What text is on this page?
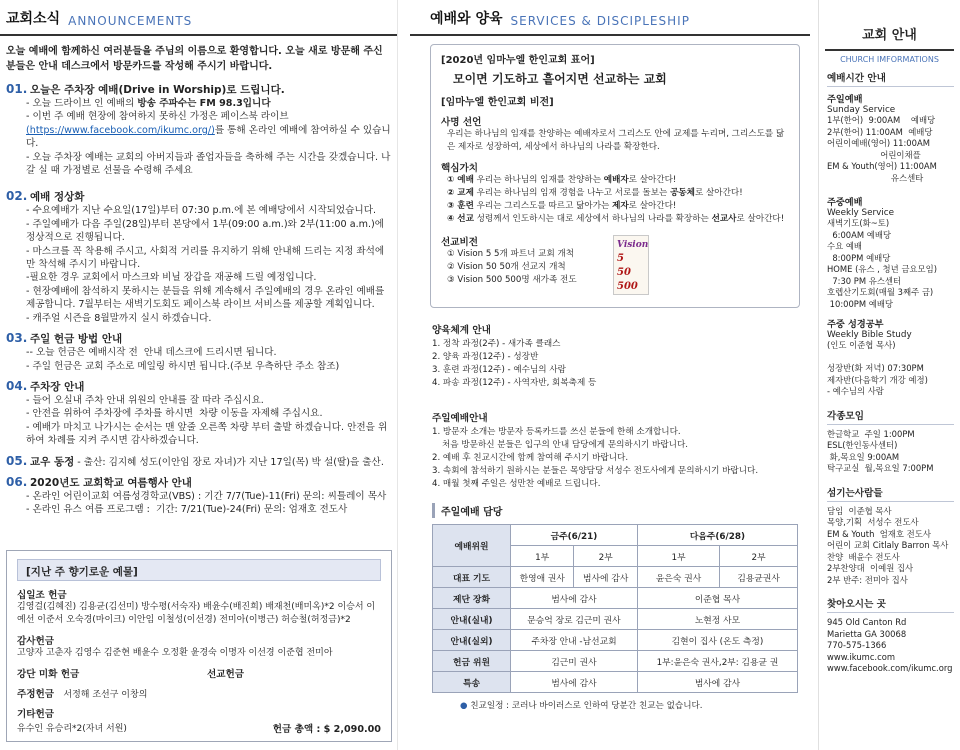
교회소식 ANNOUNCEMENTS
오늘 예배에 함께하신 여러분들을 주님의 이름으로 환영합니다. 오늘 새로 방문해 주신 분들은 안내 데스크에서 방문카드를 작성해 주시기 바랍니다.
01. 오늘은 주차장 예배(Drive in Worship)로 드립니다.
- 오늘 드라이브 인 예배의 방송 주파수는 FM 98.3입니다
- 이번 주 예배 현장에 참여하지 못하신 가정은 페이스북 라이브
(https://www.facebook.com/ikumc.org/)를 통해 온라인 예배에 참여하실 수 있습니다.
- 오늘 주차장 예배는 교회의 아버지들과 졸업자들을 축하해 주는 시간을 갖겠습니다. 나갈 실 때 가정별로 선물을 수령해 주세요
02. 예배 정상화
- 수요예배가 지난 수요일(17일)부터 07:30 p.m.에 본 예배당에서 시작되었습니다.
- 주일예배가 다음 주일(28일)부터 본당에서 1부(09:00 a.m.)와 2부(11:00 a.m.)에 정상적으로 진행됩니다.
- 마스크를 꼭 착용해 주시고, 사회적 거리를 유지하기 위해 안내해 드리는 지정 좌석에만 착석해 주시기 바랍니다.
-필요한 경우 교회에서 마스크와 비닐 장갑을 재공해 드릴 예정입니다.
- 현장예배에 참석하지 못하시는 분들을 위해 계속해서 주일예배의 경우 온라인 예배를 제공합니다. 7월부터는 새벽기도회도 페이스북 라이브 서비스를 제공할 계획입니다.
- 캐주얼 시즌을 8월말까지 실시 하겠습니다.
03. 주일 헌금 방법 안내
-- 오늘 헌금은 예배시작 전  안내 데스크에 드리시면 됩니다.
- 주일 헌금은 교회 주소로 메일링 하시면 됩니다.(주보 우측하단 주소 참조)
04. 주차장 안내
- 들어 오실내 주차 안내 위원의 안내를 잘 따라 주십시요.
- 안전을 위하여 주차장에 주차를 하시면  차량 이동을 자제해 주십시요.
- 예배가 마치고 나가시는 순서는 맨 앞줄 오른쪽 차량 부터 출발 하겠습니다. 안전을 위하여 차례를 지켜 주시면 감사하겠습니다.
05. 교우 동정 - 출산: 김지혜 성도(이안임 장로 자녀)가 지난 17일(목) 박 설(딸)을 출산.
06. 2020년도 교회학교 여름행사 안내
- 온라인 어린이교회 여름성경학교(VBS) : 기간 7/7(Tue)-11(Fri) 문의: 씨틀레이 목사
- 온라인 유스 여름 프로그램 :  기간: 7/21(Tue)-24(Fri) 문의: 엄재호 전도사
[지난 주 향기로운 예물]
십일조 헌금
김영걸(김혜진) 김용균(김선미) 방수평(서숙자) 배윤수(배진희) 배재천(배미옥)*2 이승서 이예선 이준서 오숙경(마이크) 이안임 이철성(이선경) 전미아(이병근) 허승철(허정금)*2
감사헌금
고양자 고춘자 김영수 김준현 배윤수 오정환 윤경숙 이명자 이선경 이준협 전미아
강단 미화 헌금	선교헌금
주정헌금 서정해 조선구 이창의
기타헌금
유수인 유승리*2(자녀 서원)	헌금 총액 : $ 2,090.00
예배와 양육 SERVICES & DISCIPLESHIP
[2020년 임마누엘 한인교회 표어]
모이면 기도하고 흩어지면 선교하는 교회
[임마누엘 한인교회 비전]
사명 선언
우리는 하나님의 임재를 찬양하는 예배자로서 그리스도 안에 교제를 누리며, 그리스도를 닮은 제자로 성장하여, 세상에서 하나님의 나라를 확장한다.
핵심가치
① 예배 우리는 하나님의 임재를 찬양하는 예배자로 살아간다!
② 교제 우리는 하나님의 임재 경험을 나누고 서로를 돌보는 공동체로 살아간다!
③ 훈련 우리는 그리스도를 따르고 닮아가는 제자로 살아간다!
④ 선교 성령께서 인도하시는 대로 세상에서 하나님의 나라를 확장하는 선교사로 살아간다!
선교비전
① Vision 5 5개 파트너 교회 개척
② Vision 50 50개 선교지 개척
③ Vision 500 500명 새가족 전도
Vision
5
50
500
양육체계 안내
1. 정착 과정(2주) - 새가족 클래스
2. 양육 과정(12주) - 성장반
3. 훈련 과정(12주) - 예수님의 사람
4. 파송 과정(12주) - 사역자반, 회복축제 등
주일예배안내
1. 방문자 소개는 방문자 등록카드를 쓰신 분들에 한해 소개합니다.
처음 방문하신 분들은 입구의 안내 담당에게 문의하시기 바랍니다.
2. 예배 후 친교시간에 함께 참여해 주시기 바랍니다.
3. 속회에 참석하기 원하시는 분들은 목양담당 서성수 전도사에게 문의하시기 바랍니다.
4. 매월 첫째 주일은 성만찬 예배로 드립니다.
주일예배 담당
예배위원	금주(6/21)		다음주(6/28)	
	1부	2부	1부	2부
대표 기도	한영애 권사	범사에 감사	윤은숙 권사	김용균권사
제단 장화	범사에 감사		이준협 목사	
안내(실내)	문승억 장로 김근미 권사		노현정 사모	
안내(실외)	주차장 안내 -남선교회		김현이 집사 (온도 측정)	
헌금 위원	김근미 권사		1부:윤은숙 권사,2부: 김용균 권	
특송	범사에 감사		범사에 감사	
● 친교일정 : 코러나 바이러스로 인하여 당분간 친교는 없습니다.
교회 안내
CHURCH IMFORMATIONS
예배시간 안내
주일예배
Sunday Service
1부(한어)  9:00AM    예배당
2부(한어) 11:00AM  예배당
어린이예배(영어) 11:00AM
어린이채플
EM & Youth(영어) 11:00AM
유스센타
주중예배
Weekly Service
새벽기도(화~토)
6:00AM 예배당
수요 예배
8:00PM 예배당
HOME (유스 , 청년 금요모임)
7:30 PM 유스센터
호렙산기도회(매월 3째주 금)
10:00PM 예배당
주중 성경공부
Weekly Bible Study
(인도 이준협 목사)

성장반(화 저녁) 07:30PM
제자반(다음학기 개강 예정)
- 예수님의 사람
각종모임
한글학교  주일 1:00PM
ESL(한인동사센터)
화,목요일 9:00AM
탁구교실  월,목요일 7:00PM
섬기는사람들
담임  이준협 목사
목양,기획  서성수 전도사
EM & Youth  엄재호 전도사
어린이 교회 Citlaly Barron 목사
찬양  배윤수 전도사
2부찬양대  이예원 집사
2부 반주: 전미아 집사
찾아오시는 곳
945 Old Canton Rd
Marietta GA 30068
770-575-1366
www.ikumc.com
www.facebook.com/ikumc.org
